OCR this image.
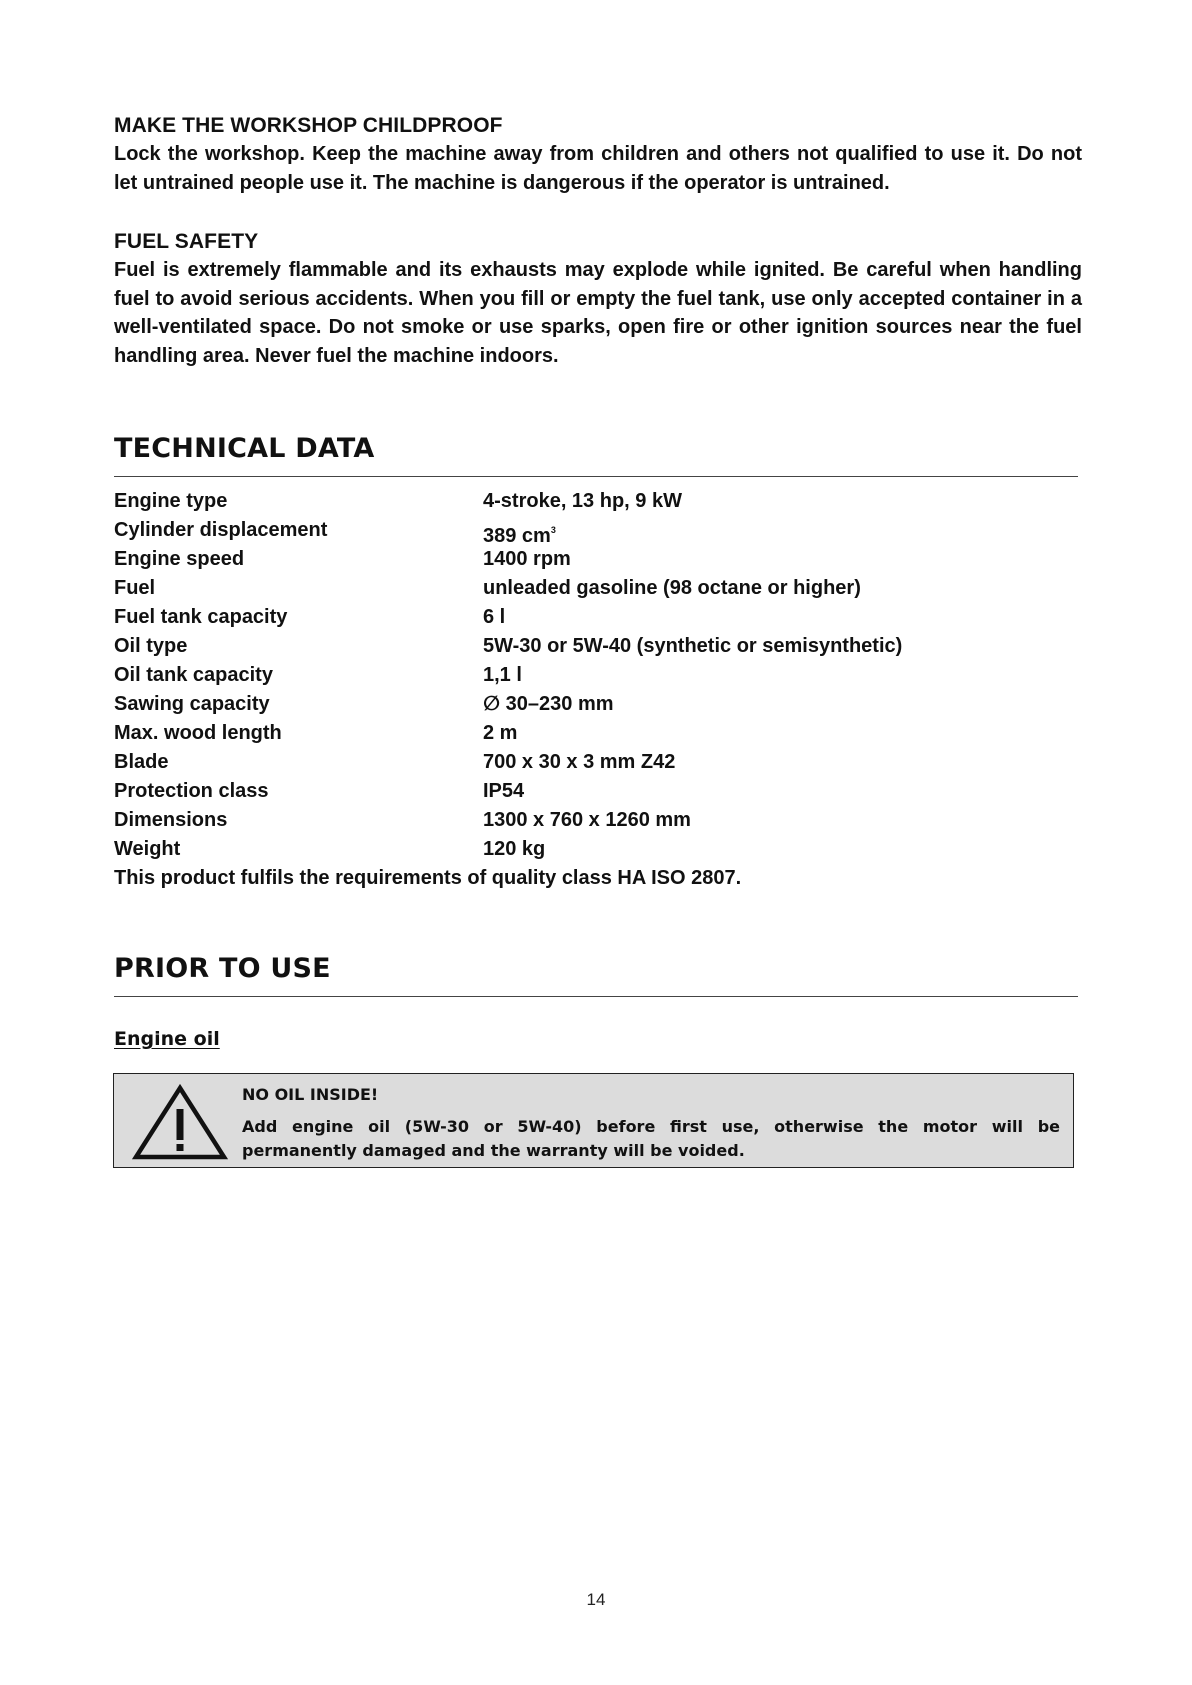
MAKE THE WORKSHOP CHILDPROOF

Lock the workshop. Keep the machine away from children and others not qualified to use it. Do not let untrained people use it. The machine is dangerous if the operator is untrained.

FUEL SAFETY

Fuel is extremely flammable and its exhausts may explode while ignited. Be careful when handling fuel to avoid serious accidents. When you fill or empty the fuel tank, use only accepted container in a well-ventilated space. Do not smoke or use sparks, open fire or other ignition sources near the fuel handling area. Never fuel the machine indoors.

TECHNICAL DATA

Engine type	4-stroke, 13 hp, 9 kW
Cylinder displacement	389 $cm^3$
Engine speed	1400 rpm
Fuel	unleaded gasoline (98 octane or higher)
Fuel tank capacity	6 l
Oil type	5W-30 or 5W-40 (synthetic or semisynthetic)
Oil tank capacity	1,1 l
Sawing capacity	∅ 30–230 mm
Max. wood length	2 m
Blade	700 x 30 x 3 mm Z42
Protection class	IP54
Dimensions	1300 x 760 x 1260 mm
Weight	120 kg

This product fulfils the requirements of quality class HA ISO 2807.

PRIOR TO USE

Engine oil

NO OIL INSIDE!

Add engine oil (5W-30 or 5W-40) before first use, otherwise the motor will be permanently damaged and the warranty will be voided.

14
